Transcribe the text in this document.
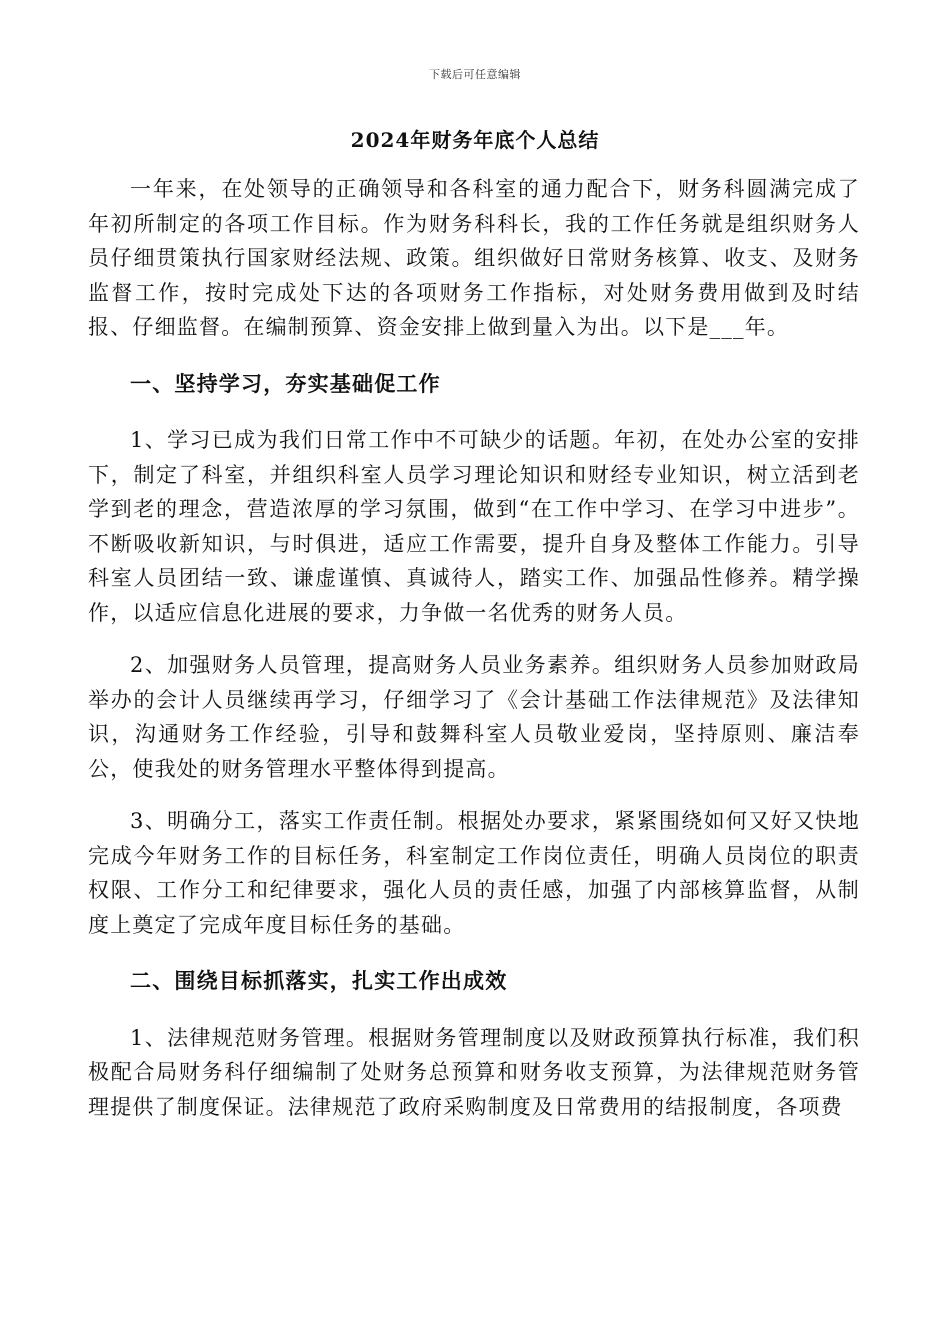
下载后可任意编辑
2024年财务年底个人总结

一年来，在处领导的正确领导和各科室的通力配合下，财务科圆满完成了年初所制定的各项工作目标。作为财务科科长，我的工作任务就是组织财务人员仔细贯策执行国家财经法规、政策。组织做好日常财务核算、收支、及财务监督工作，按时完成处下达的各项财务工作指标，对处财务费用做到及时结报、仔细监督。在编制预算、资金安排上做到量入为出。以下是___年。

一、坚持学习，夯实基础促工作

1、学习已成为我们日常工作中不可缺少的话题。年初，在处办公室的安排下，制定了科室，并组织科室人员学习理论知识和财经专业知识，树立活到老学到老的理念，营造浓厚的学习氛围，做到“在工作中学习、在学习中进步”。不断吸收新知识，与时俱进，适应工作需要，提升自身及整体工作能力。引导科室人员团结一致、谦虚谨慎、真诚待人，踏实工作、加强品性修养。精学操作，以适应信息化进展的要求，力争做一名优秀的财务人员。

2、加强财务人员管理，提高财务人员业务素养。组织财务人员参加财政局举办的会计人员继续再学习，仔细学习了《会计基础工作法律规范》及法律知识，沟通财务工作经验，引导和鼓舞科室人员敬业爱岗，坚持原则、廉洁奉公，使我处的财务管理水平整体得到提高。

3、明确分工，落实工作责任制。根据处办要求，紧紧围绕如何又好又快地完成今年财务工作的目标任务，科室制定工作岗位责任，明确人员岗位的职责权限、工作分工和纪律要求，强化人员的责任感，加强了内部核算监督，从制度上奠定了完成年度目标任务的基础。

二、围绕目标抓落实，扎实工作出成效

1、法律规范财务管理。根据财务管理制度以及财政预算执行标准，我们积极配合局财务科仔细编制了处财务总预算和财务收支预算，为法律规范财务管理提供了制度保证。法律规范了政府采购制度及日常费用的结报制度，各项费
